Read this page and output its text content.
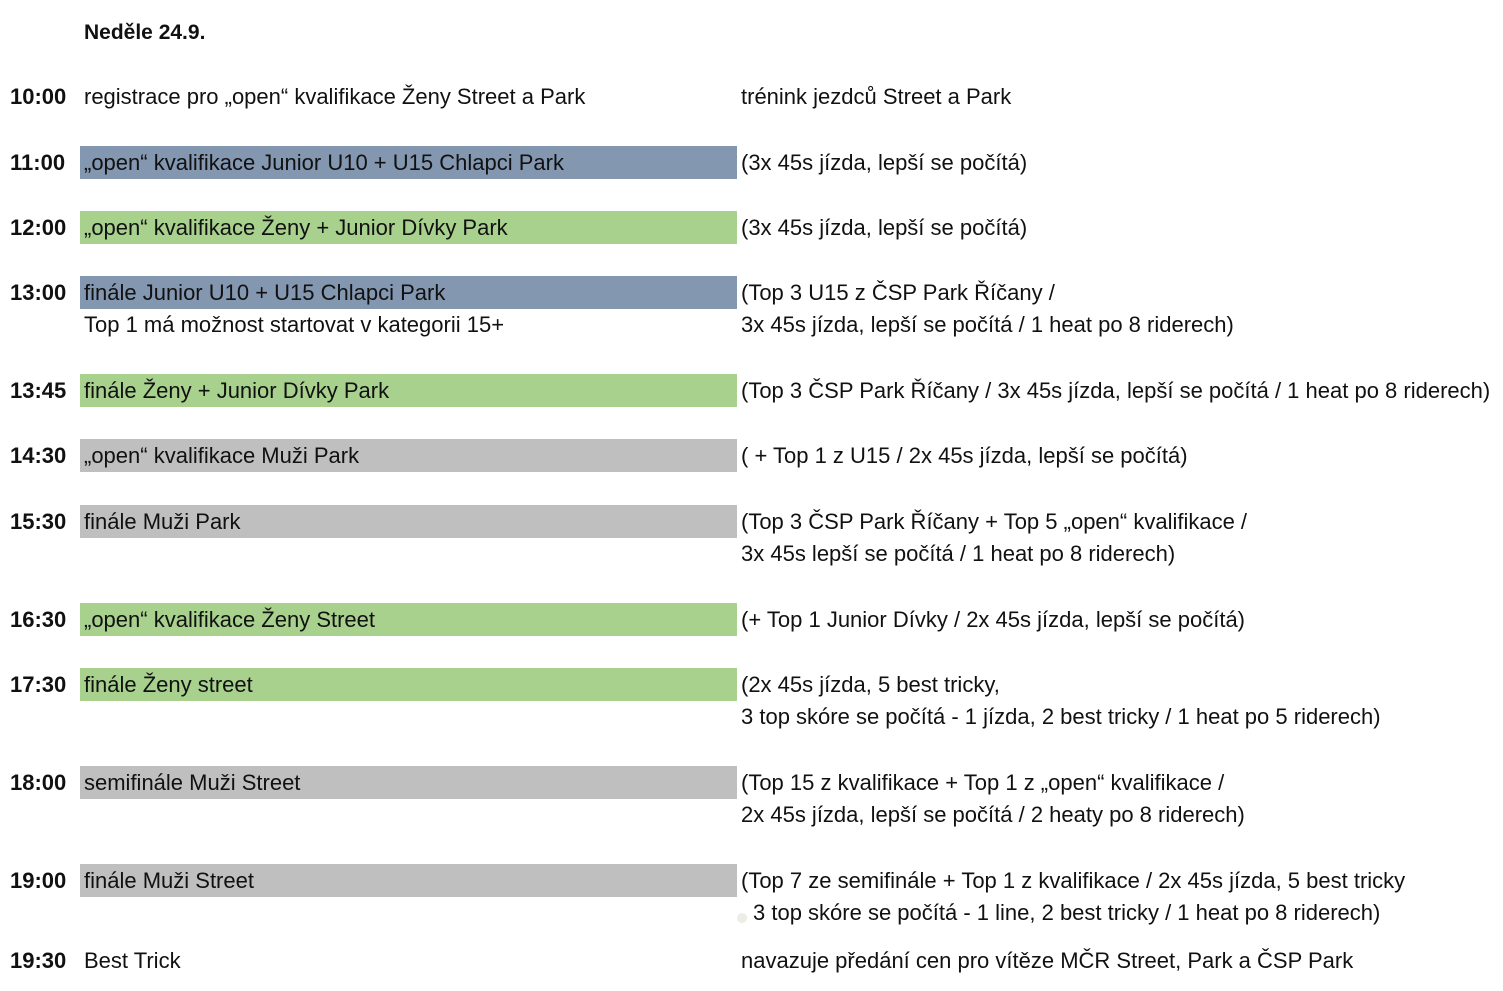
Neděle 24.9.
10:00 registrace pro „open“ kvalifikace Ženy Street a Park	trénink jezdců Street a Park
11:00 „open“ kvalifikace Junior U10 + U15 Chlapci Park	(3x 45s jízda, lepší se počítá)
12:00 „open“ kvalifikace Ženy + Junior Dívky Park	(3x 45s jízda, lepší se počítá)
13:00 finále Junior U10 + U15 Chlapci Park	(Top 3 U15 z ČSP Park Říčany /
Top 1 má možnost startovat v kategorii 15+	3x 45s jízda, lepší se počítá / 1 heat po 8 riderech)
13:45 finále Ženy + Junior Dívky Park	(Top 3 ČSP Park Říčany / 3x 45s jízda, lepší se počítá / 1 heat po 8 riderech)
14:30 „open“ kvalifikace Muži Park	( + Top 1 z U15 / 2x 45s jízda, lepší se počítá)
15:30 finále Muži Park	(Top 3 ČSP Park Říčany + Top 5 „open“ kvalifikace /
3x 45s lepší se počítá / 1 heat po 8 riderech)
16:30 „open“ kvalifikace Ženy Street	(+ Top 1 Junior Dívky / 2x 45s jízda, lepší se počítá)
17:30 finále Ženy street	(2x 45s jízda, 5 best tricky,
3 top skóre se počítá - 1 jízda, 2 best tricky / 1 heat po 5 riderech)
18:00 semifinále Muži Street	(Top 15 z kvalifikace + Top 1 z „open“ kvalifikace /
2x 45s jízda, lepší se počítá / 2 heaty po 8 riderech)
19:00 finále Muži Street	(Top 7 ze semifinále + Top 1 z kvalifikace / 2x 45s jízda, 5 best tricky
3 top skóre se počítá - 1 line, 2 best tricky / 1 heat po 8 riderech)
19:30 Best Trick	navazuje předání cen pro vítěze MČR Street, Park a ČSP Park
